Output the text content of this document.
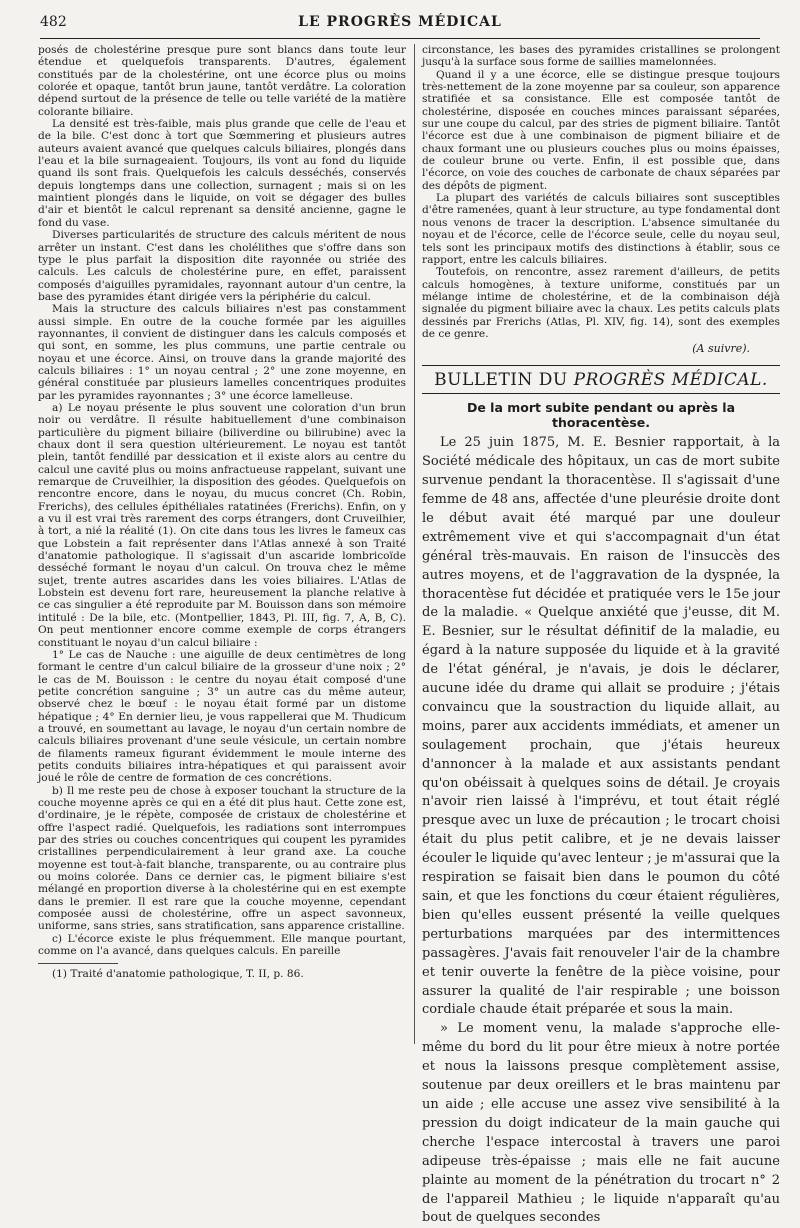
482	LE PROGRÈS MÉDICAL

posés de cholestérine presque pure sont blancs dans toute leur étendue et quelquefois transparents. D'autres, également constitués par de la cholestérine, ont une écorce plus ou moins colorée et opaque, tantôt brun jaune, tantôt verdâtre. La coloration dépend surtout de la présence de telle ou telle variété de la matière colorante biliaire.

La densité est très-faible, mais plus grande que celle de l'eau et de la bile. C'est donc à tort que Sœmmering et plusieurs autres auteurs avaient avancé que quelques calculs biliaires, plongés dans l'eau et la bile surnageaient. Toujours, ils vont au fond du liquide quand ils sont frais. Quelquefois les calculs desséchés, conservés depuis longtemps dans une collection, surnagent ; mais si on les maintient plongés dans le liquide, on voit se dégager des bulles d'air et bientôt le calcul reprenant sa densité ancienne, gagne le fond du vase.

Diverses particularités de structure des calculs méritent de nous arrêter un instant. C'est dans les cholélithes que s'offre dans son type le plus parfait la disposition dite rayonnée ou striée des calculs. Les calculs de cholestérine pure, en effet, paraissent composés d'aiguilles pyramidales, rayonnant autour d'un centre, la base des pyramides étant dirigée vers la périphérie du calcul.

Mais la structure des calculs biliaires n'est pas constamment aussi simple. En outre de la couche formée par les aiguilles rayonnantes, il convient de distinguer dans les calculs composés et qui sont, en somme, les plus communs, une partie centrale ou noyau et une écorce. Ainsi, on trouve dans la grande majorité des calculs biliaires : 1° un noyau central ; 2° une zone moyenne, en général constituée par plusieurs lamelles concentriques produites par les pyramides rayonnantes ; 3° une écorce lamelleuse.

a) Le noyau présente le plus souvent une coloration d'un brun noir ou verdâtre. Il résulte habituellement d'une combinaison particulière du pigment biliaire (biliverdine ou bilirubine) avec la chaux dont il sera question ultérieurement. Le noyau est tantôt plein, tantôt fendillé par dessication et il existe alors au centre du calcul une cavité plus ou moins anfractueuse rappelant, suivant une remarque de Cruveilhier, la disposition des géodes. Quelquefois on rencontre encore, dans le noyau, du mucus concret (Ch. Robin, Frerichs), des cellules épithéliales ratatinées (Frerichs). Enfin, on y a vu il est vrai très rarement des corps étrangers, dont Cruveilhier, à tort, a nié la réalité (1). On cite dans tous les livres le fameux cas que Lobstein a fait représenter dans l'Atlas annexé à son Traité d'anatomie pathologique. Il s'agissait d'un ascaride lombricoïde desséché formant le noyau d'un calcul. On trouva chez le même sujet, trente autres ascarides dans les voies biliaires. L'Atlas de Lobstein est devenu fort rare, heureusement la planche relative à ce cas singulier a été reproduite par M. Bouisson dans son mémoire intitulé : De la bile, etc. (Montpellier, 1843, Pl. III, fig. 7, A, B, C). On peut mentionner encore comme exemple de corps étrangers constituant le noyau d'un calcul biliaire :

1° Le cas de Nauche : une aiguille de deux centimètres de long formant le centre d'un calcul biliaire de la grosseur d'une noix ; 2° le cas de M. Bouisson : le centre du noyau était composé d'une petite concrétion sanguine ; 3° un autre cas du même auteur, observé chez le bœuf : le noyau était formé par un distome hépatique ; 4° En dernier lieu, je vous rappellerai que M. Thudicum a trouvé, en soumettant au lavage, le noyau d'un certain nombre de calculs biliaires provenant d'une seule vésicule, un certain nombre de filaments rameux figurant évidemment le moule interne des petits conduits biliaires intra-hépatiques et qui paraissent avoir joué le rôle de centre de formation de ces concrétions.

b) Il me reste peu de chose à exposer touchant la structure de la couche moyenne après ce qui en a été dit plus haut. Cette zone est, d'ordinaire, je le répète, composée de cristaux de cholestérine et offre l'aspect radié. Quelquefois, les radiations sont interrompues par des stries ou couches concentriques qui coupent les pyramides cristallines perpendiculairement à leur grand axe. La couche moyenne est tout-à-fait blanche, transparente, ou au contraire plus ou moins colorée. Dans ce dernier cas, le pigment biliaire s'est mélangé en proportion diverse à la cholestérine qui en est exempte dans le premier. Il est rare que la couche moyenne, cependant composée aussi de cholestérine, offre un aspect savonneux, uniforme, sans stries, sans stratification, sans apparence cristalline.

c) L'écorce existe le plus fréquemment. Elle manque pourtant, comme on l'a avancé, dans quelques calculs. En pareille

(1) Traité d'anatomie pathologique, T. II, p. 86.

circonstance, les bases des pyramides cristallines se prolongent jusqu'à la surface sous forme de saillies mamelonnées.

Quand il y a une écorce, elle se distingue presque toujours très-nettement de la zone moyenne par sa couleur, son apparence stratifiée et sa consistance. Elle est composée tantôt de cholestérine, disposée en couches minces paraissant séparées, sur une coupe du calcul, par des stries de pigment biliaire. Tantôt l'écorce est due à une combinaison de pigment biliaire et de chaux formant une ou plusieurs couches plus ou moins épaisses, de couleur brune ou verte. Enfin, il est possible que, dans l'écorce, on voie des couches de carbonate de chaux séparées par des dépôts de pigment.

La plupart des variétés de calculs biliaires sont susceptibles d'être ramenées, quant à leur structure, au type fondamental dont nous venons de tracer la description. L'absence simultanée du noyau et de l'écorce, celle de l'écorce seule, celle du noyau seul, tels sont les principaux motifs des distinctions à établir, sous ce rapport, entre les calculs biliaires.

Toutefois, on rencontre, assez rarement d'ailleurs, de petits calculs homogènes, à texture uniforme, constitués par un mélange intime de cholestérine, et de la combinaison déjà signalée du pigment biliaire avec la chaux. Les petits calculs plats dessinés par Frerichs (Atlas, Pl. XIV, fig. 14), sont des exemples de ce genre.

(A suivre).
BULLETIN DU PROGRÈS MÉDICAL.
De la mort subite pendant ou après la thoracentèse.

Le 25 juin 1875, M. E. Besnier rapportait, à la Société médicale des hôpitaux, un cas de mort subite survenue pendant la thoracentèse. Il s'agissait d'une femme de 48 ans, affectée d'une pleurésie droite dont le début avait été marqué par une douleur extrêmement vive et qui s'accompagnait d'un état général très-mauvais. En raison de l'insuccès des autres moyens, et de l'aggravation de la dyspnée, la thoracentèse fut décidée et pratiquée vers le 15e jour de la maladie. « Quelque anxiété que j'eusse, dit M. E. Besnier, sur le résultat définitif de la maladie, eu égard à la nature supposée du liquide et à la gravité de l'état général, je n'avais, je dois le déclarer, aucune idée du drame qui allait se produire ; j'étais convaincu que la soustraction du liquide allait, au moins, parer aux accidents immédiats, et amener un soulagement prochain, que j'étais heureux d'annoncer à la malade et aux assistants pendant qu'on obéissait à quelques soins de détail. Je croyais n'avoir rien laissé à l'imprévu, et tout était réglé presque avec un luxe de précaution ; le trocart choisi était du plus petit calibre, et je ne devais laisser écouler le liquide qu'avec lenteur ; je m'assurai que la respiration se faisait bien dans le poumon du côté sain, et que les fonctions du cœur étaient régulières, bien qu'elles eussent présenté la veille quelques perturbations marquées par des intermittences passagères. J'avais fait renouveler l'air de la chambre et tenir ouverte la fenêtre de la pièce voisine, pour assurer la qualité de l'air respirable ; une boisson cordiale chaude était préparée et sous la main.

» Le moment venu, la malade s'approche elle-même du bord du lit pour être mieux à notre portée et nous la laissons presque complètement assise, soutenue par deux oreillers et le bras maintenu par un aide ; elle accuse une assez vive sensibilité à la pression du doigt indicateur de la main gauche qui cherche l'espace intercostal à travers une paroi adipeuse très-épaisse ; mais elle ne fait aucune plainte au moment de la pénétration du trocart n° 2 de l'appareil Mathieu ; le liquide n'apparaît qu'au bout de quelques secondes
